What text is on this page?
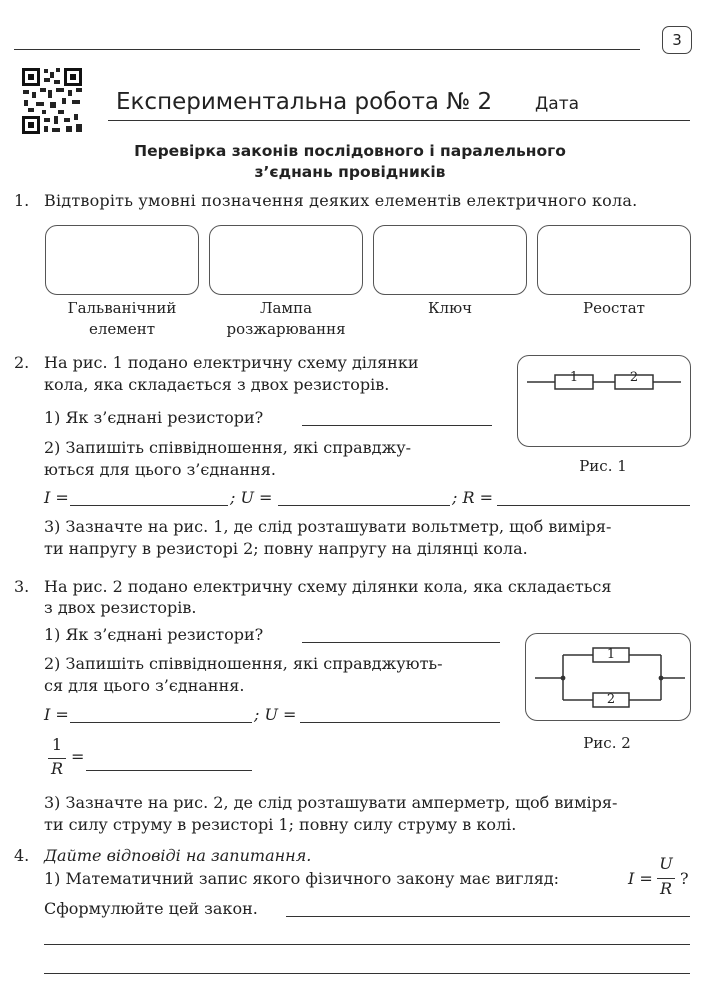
3
Експериментальна робота № 2	Дата
Перевірка законів послідовного і паралельного
з’єднань провідників
1. Відтворіть умовні позначення деяких елементів електричного кола.
Гальванічний
елемент
Лампа
розжарювання
Ключ	Реостат
2. На рис. 1 подано електричну схему ділянки
кола, яка складається з двох резисторів.
1) Як з’єднані резистори?
2) Запишіть співвідношення, які справджу-
ються для цього з’єднання.
I =	; U =	; R =
3) Зазначте на рис. 1, де слід розташувати вольтметр, щоб виміря-
ти напругу в резисторі 2; повну напругу на ділянці кола.
1	2
Рис. 1
3. На рис. 2 подано електричну схему ділянки кола, яка складається
з двох резисторів.
1) Як з’єднані резистори?
2) Запишіть співвідношення, які справджують-
ся для цього з’єднання.
I =	; U =
1
R
=
3) Зазначте на рис. 2, де слід розташувати амперметр, щоб виміря-
ти силу струму в резисторі 1; повну силу струму в колі.
1
2
Рис. 2
4. Дайте відповіді на запитання.
1) Математичний запис якого фізичного закону має вигляд:	I =
U
R
?
Сформулюйте цей закон.
